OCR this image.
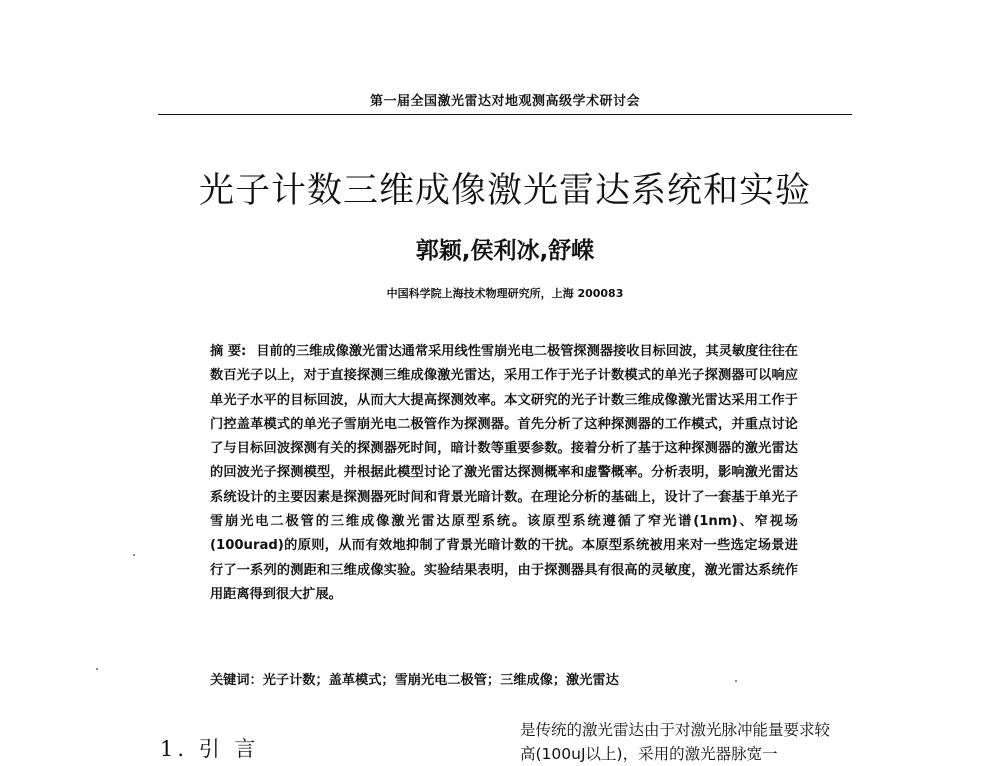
第一届全国激光雷达对地观测高级学术研讨会
光子计数三维成像激光雷达系统和实验
郭颖,侯利冰,舒嵘
中国科学院上海技术物理研究所，上海 200083

摘 要: 目前的三维成像激光雷达通常采用线性雪崩光电二极管探测器接收目标回波，其灵敏度往往在数百光子以上，对于直接探测三维成像激光雷达，采用工作于光子计数模式的单光子探测器可以响应单光子水平的目标回波，从而大大提高探测效率。本文研究的光子计数三维成像激光雷达采用工作于门控盖革模式的单光子雪崩光电二极管作为探测器。首先分析了这种探测器的工作模式，并重点讨论了与目标回波探测有关的探测器死时间，暗计数等重要参数。接着分析了基于这种探测器的激光雷达的回波光子探测模型，并根据此模型讨论了激光雷达探测概率和虚警概率。分析表明，影响激光雷达系统设计的主要因素是探测器死时间和背景光暗计数。在理论分析的基础上，设计了一套基于单光子雪崩光电二极管的三维成像激光雷达原型系统。该原型系统遵循了窄光谱(1nm)、窄视场(100urad)的原则，从而有效地抑制了背景光暗计数的干扰。本原型系统被用来对一些选定场景进行了一系列的测距和三维成像实验。实验结果表明，由于探测器具有很高的灵敏度，激光雷达系统作用距离得到很大扩展。

关键词：光子计数；盖革模式；雪崩光电二极管；三维成像；激光雷达
1. 引 言

是传统的激光雷达由于对激光脉冲能量要求较高(100uJ以上)，采用的激光器脉宽一
